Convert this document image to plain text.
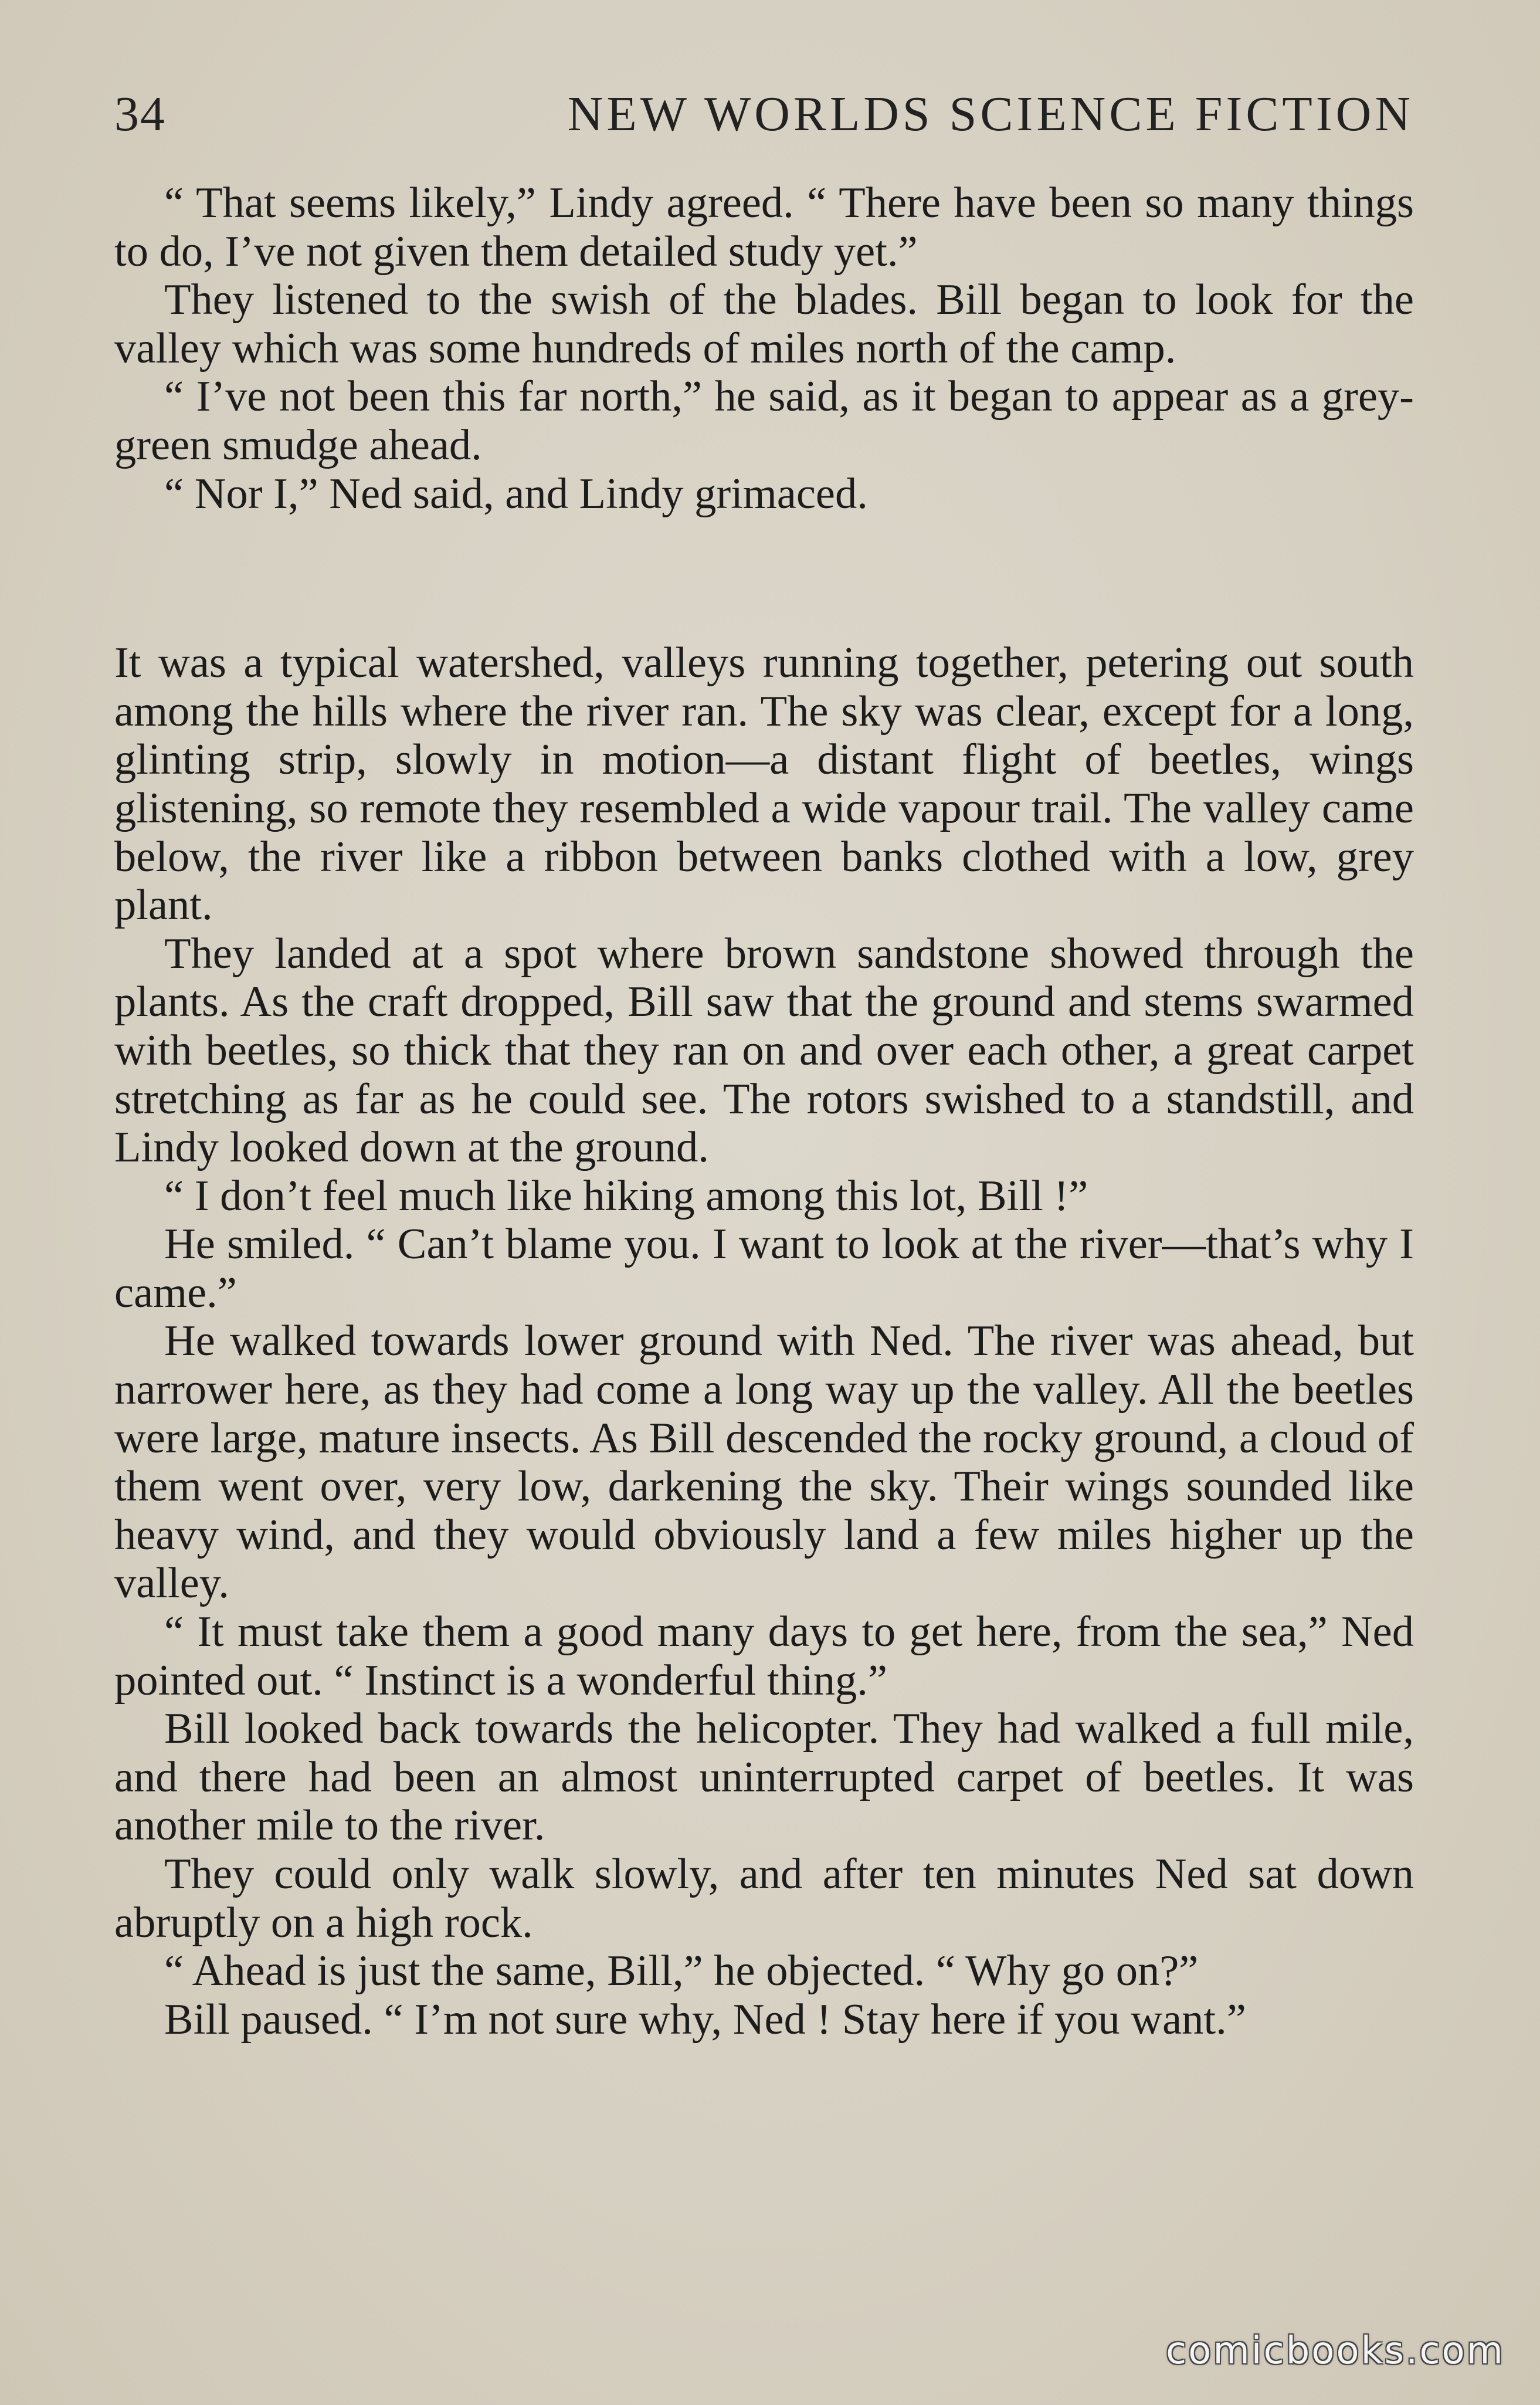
34	NEW WORLDS SCIENCE FICTION

“ That seems likely,” Lindy agreed. “ There have been so many things to do, I’ve not given them detailed study yet.”

They listened to the swish of the blades. Bill began to look for the valley which was some hundreds of miles north of the camp.

“ I’ve not been this far north,” he said, as it began to appear as a grey-green smudge ahead.

“ Nor I,” Ned said, and Lindy grimaced.

It was a typical watershed, valleys running together, petering out south among the hills where the river ran. The sky was clear, except for a long, glinting strip, slowly in motion—a distant flight of beetles, wings glistening, so remote they resembled a wide vapour trail. The valley came below, the river like a ribbon between banks clothed with a low, grey plant.

They landed at a spot where brown sandstone showed through the plants. As the craft dropped, Bill saw that the ground and stems swarmed with beetles, so thick that they ran on and over each other, a great carpet stretching as far as he could see. The rotors swished to a standstill, and Lindy looked down at the ground.

“ I don’t feel much like hiking among this lot, Bill !”

He smiled. “ Can’t blame you. I want to look at the river—that’s why I came.”

He walked towards lower ground with Ned. The river was ahead, but narrower here, as they had come a long way up the valley. All the beetles were large, mature insects. As Bill descended the rocky ground, a cloud of them went over, very low, darkening the sky. Their wings sounded like heavy wind, and they would obviously land a few miles higher up the valley.

“ It must take them a good many days to get here, from the sea,” Ned pointed out. “ Instinct is a wonderful thing.”

Bill looked back towards the helicopter. They had walked a full mile, and there had been an almost uninterrupted carpet of beetles. It was another mile to the river.

They could only walk slowly, and after ten minutes Ned sat down abruptly on a high rock.

“ Ahead is just the same, Bill,” he objected. “ Why go on?”

Bill paused. “ I’m not sure why, Ned ! Stay here if you want.”

comicbooks.com
